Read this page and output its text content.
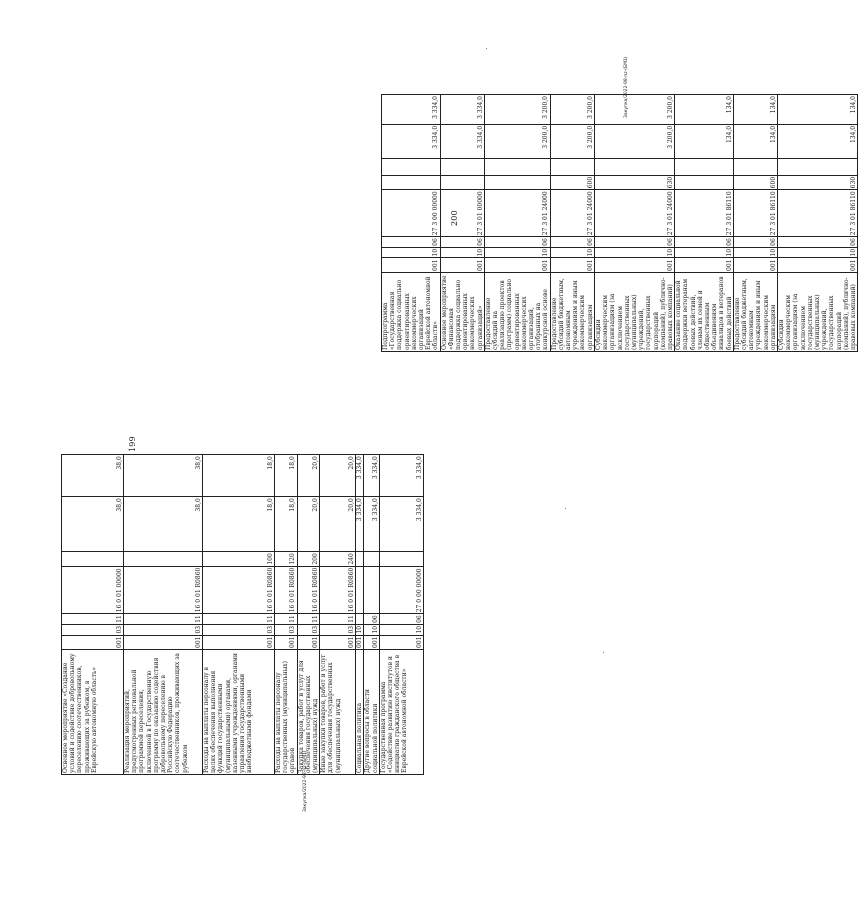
199
Закупка/2022-98-nz-(БМ1)
Основное мероприятие «Создание условий и содействие добровольному переселению соотечественников, проживающих за рубежом, в Еврейскую автономную область»	001	03	11	16 0 01 00000		38,0	38,0
Реализация мероприятий, предусмотренных региональной программой переселения, включенной в Государственную программу по оказанию содействия добровольному переселению в Российскую Федерацию соотечественников, проживающих за рубежом	001	03	11	16 0 01 R0860		38,0	38,0
Расходы на выплаты персоналу в целях обеспечения выполнения функций государственными (муниципальными) органами, казенными учреждениями, органами управления государственными внебюджетными фондами	001	03	11	16 0 01 R0860	100	18,0	18,0
Расходы на выплаты персоналу государственных (муниципальных) органов	001	03	11	16 0 01 R0860	120	18,0	18,0
Закупка товаров, работ и услуг для обеспечения государственных (муниципальных) нужд	001	03	11	16 0 01 R0860	200	20,0	20,0
Иные закупки товаров, работ и услуг для обеспечения государственных (муниципальных) нужд	001	03	11	16 0 01 R0860	240	20,0	20,0
Социальная политика	001	10				3 334,0	3 334,0
Другие вопросы в области социальной политики	001	10	06			3 334,0	3 334,0
Государственная программа «Содействие развитию институтов и инициатив гражданского общества в Еврейской автономной области»	001	10	06	27 0 00 00000		3 334,0	3 334,0
200
Закупка/2022-98-nz-(БМ1)
Подпрограмма «Государственная поддержка социально ориентированных некоммерческих организаций Еврейской автономной области»	001	10	06	27 3 00 00000			3 334,0	3 334,0
Основное мероприятие «Финансовая поддержка социально ориентированных некоммерческих организаций»	001	10	06	27 3 01 00000			3 334,0	3 334,0
Предоставление субсидий на реализацию проектов (программ) социально ориентированных некоммерческих организаций, отобранных на конкурсной основе	001	10	06	27 3 01 24000			3 200,0	3 200,0
Предоставление субсидий бюджетным, автономным учреждениям и иным некоммерческим организациям	001	10	06	27 3 01 24000	600		3 200,0	3 200,0
Субсидии некоммерческим организациям (за исключением государственных (муниципальных) учреждений, государственных корпораций (компаний), публично-правовых компаний)	001	10	06	27 3 01 24000	630		3 200,0	3 200,0
Оказание социальной поддержки ветеранам боевых действий, членам их семей и общественным объединениям инвалидов и ветеранов боевых действий	001	10	06	27 3 01 86110			134,0	134,0
Предоставление субсидий бюджетным, автономным учреждениям и иным некоммерческим организациям	001	10	06	27 3 01 86110	600		134,0	134,0
Субсидии некоммерческим организациям (за исключением государственных (муниципальных) учреждений, государственных корпораций (компаний), публично-правовых компаний)	001	10	06	27 3 01 86110	630		134,0	134,0
